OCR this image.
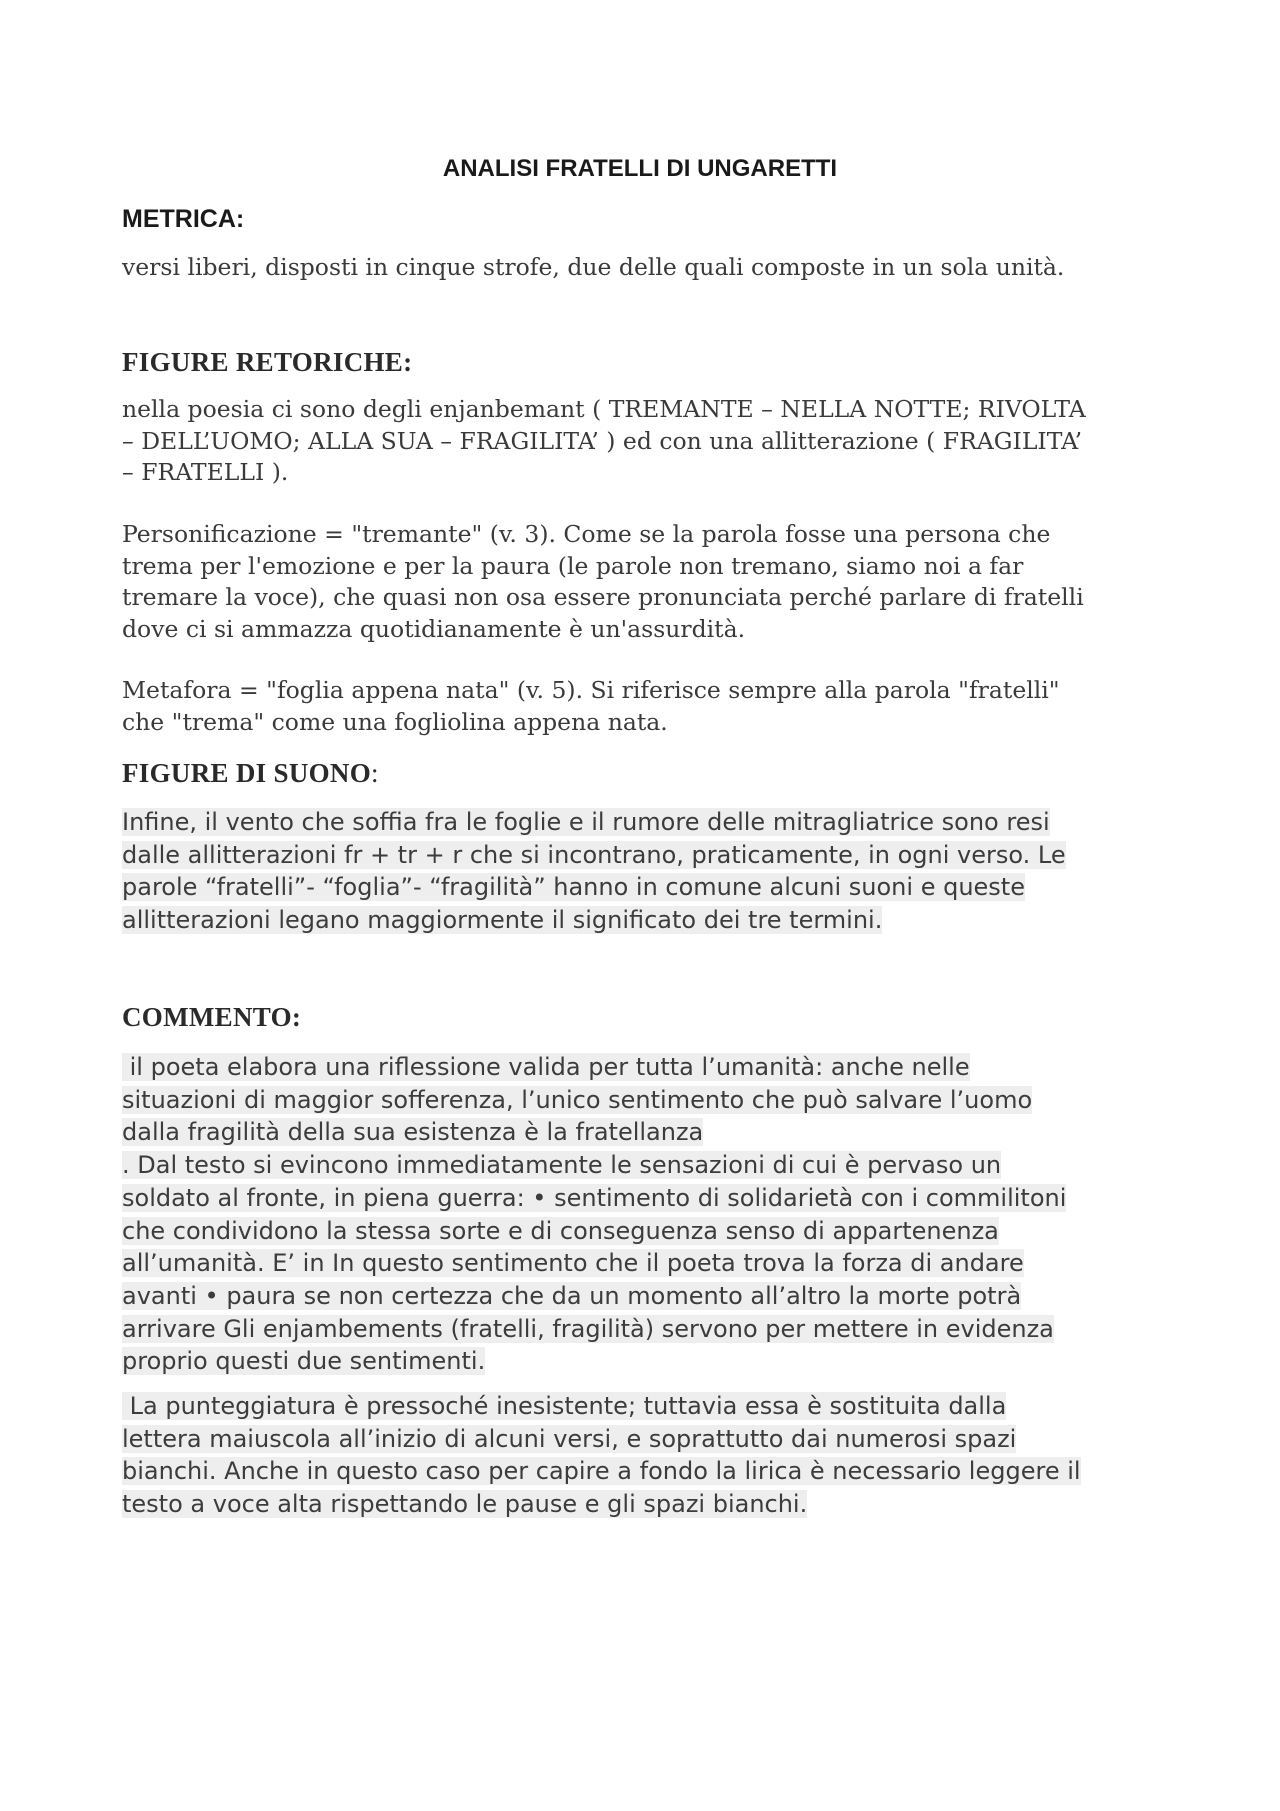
ANALISI FRATELLI DI UNGARETTI
METRICA:

versi liberi, disposti in cinque strofe, due delle quali composte in un sola unità.

FIGURE RETORICHE:

nella poesia ci sono degli enjanbemant ( TREMANTE – NELLA NOTTE; RIVOLTA
– DELL’UOMO; ALLA SUA – FRAGILITA’ ) ed con una allitterazione ( FRAGILITA’
– FRATELLI ).

Personificazione = "tremante" (v. 3). Come se la parola fosse una persona che
trema per l'emozione e per la paura (le parole non tremano, siamo noi a far
tremare la voce), che quasi non osa essere pronunciata perché parlare di fratelli
dove ci si ammazza quotidianamente è un'assurdità.

Metafora = "foglia appena nata" (v. 5). Si riferisce sempre alla parola "fratelli"
che "trema" come una fogliolina appena nata.

FIGURE DI SUONO:

Infine, il vento che soffia fra le foglie e il rumore delle mitragliatrice sono resi
dalle allitterazioni fr + tr + r che si incontrano, praticamente, in ogni verso. Le
parole “fratelli”- “foglia”- “fragilità” hanno in comune alcuni suoni e queste
allitterazioni legano maggiormente il significato dei tre termini.

COMMENTO:

il poeta elabora una riflessione valida per tutta l’umanità: anche nelle
situazioni di maggior sofferenza, l’unico sentimento che può salvare l’uomo
dalla fragilità della sua esistenza è la fratellanza
. Dal testo si evincono immediatamente le sensazioni di cui è pervaso un
soldato al fronte, in piena guerra: • sentimento di solidarietà con i commilitoni
che condividono la stessa sorte e di conseguenza senso di appartenenza
all’umanità. E’ in In questo sentimento che il poeta trova la forza di andare
avanti • paura se non certezza che da un momento all’altro la morte potrà
arrivare Gli enjambements (fratelli, fragilità) servono per mettere in evidenza
proprio questi due sentimenti.

La punteggiatura è pressoché inesistente; tuttavia essa è sostituita dalla
lettera maiuscola all’inizio di alcuni versi, e soprattutto dai numerosi spazi
bianchi. Anche in questo caso per capire a fondo la lirica è necessario leggere il
testo a voce alta rispettando le pause e gli spazi bianchi.
